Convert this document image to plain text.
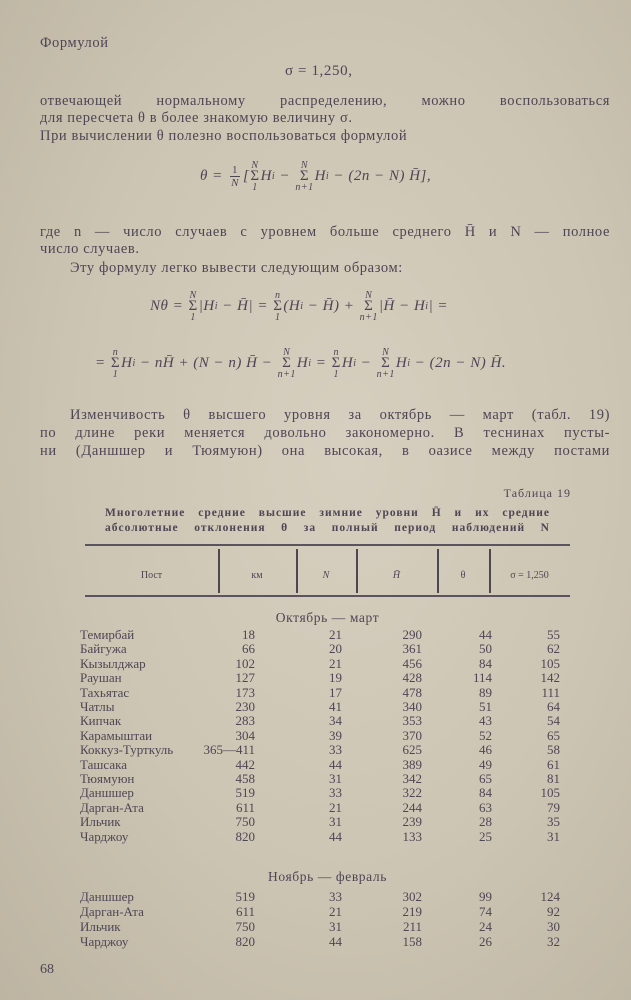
Формулой
σ = 1,250,
отвечающей нормальному распределению, можно воспользоваться
для пересчета θ в более знакомую величину σ.
При вычислении θ полезно воспользоваться формулой
$\theta = \frac{1}{N}$ [
N
Σ
1
H i −
N
Σ
n+1
H i − (2n − N) H̄],
где n — число случаев с уровнем больше среднего H̄ и N — полное
число случаев.
Эту формулу легко вывести следующим образом:
Nθ =
N
Σ
1
|H i − H̄| =
n
Σ
1
(H i − H̄) +
N
Σ
n+1
|H̄ − H i | =
=
n
Σ
1
H i − nH̄ + (N − n) H̄ −
N
Σ
n+1
H i =
n
Σ
1
H i −
N
Σ
n+1
H i − (2n − N) H̄.
Изменчивость θ высшего уровня за октябрь — март (табл. 19)
по длине реки меняется довольно закономерно. В теснинах пусты-
ни (Даншшер и Тюямуюн) она высокая, в оазисе между постами
Таблица 19
Многолетние средние высшие зимние уровни H̄ и их средние
абсолютные отклонения θ за полный период наблюдений N
Пост	км	N	H̄	θ	σ = 1,250
Октябрь — март
Темирбай	18	21	290	44	55
Байгужа	66	20	361	50	62
Кызылджар	102	21	456	84	105
Раушан	127	19	428	114	142
Тахьятас	173	17	478	89	111
Чатлы	230	41	340	51	64
Кипчак	283	34	353	43	54
Карамыштаи	304	39	370	52	65
Коккуз-Турткуль 365—411	33	625	46	58
Ташсака	442	44	389	49	61
Тюямуюн	458	31	342	65	81
Даншшер	519	33	322	84	105
Дарган-Ата	611	21	244	63	79
Ильчик	750	31	239	28	35
Чарджоу	820	44	133	25	31
Ноябрь — февраль
Даншшер	519	33	302	99	124
Дарган-Ата	611	21	219	74	92
Ильчик	750	31	211	24	30
Чарджоу	820	44	158	26	32
68
